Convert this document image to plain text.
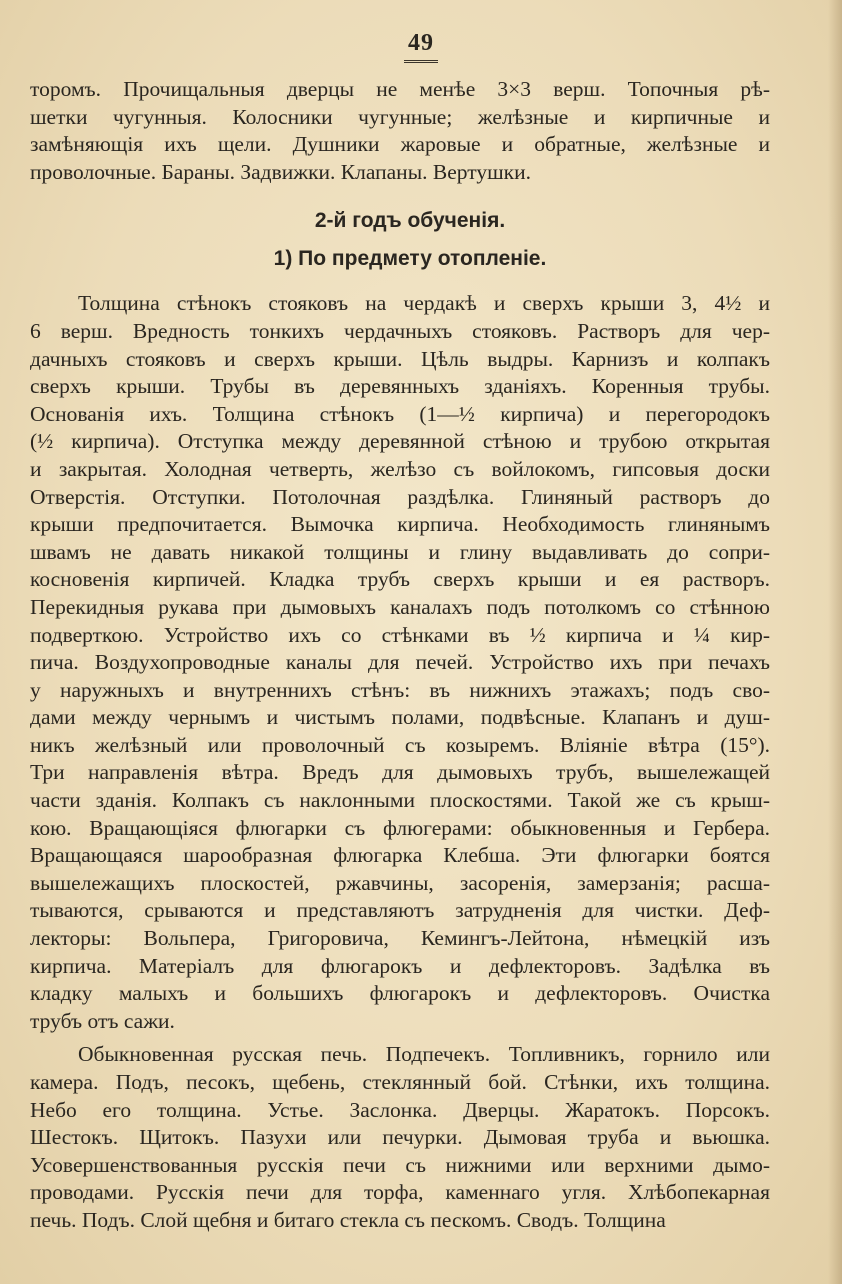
49
торомъ. Прочищальныя дверцы не менѣе 3×3 верш. Топочныя рѣ-
шетки чугунныя. Колосники чугунные; желѣзные и кирпичные и
замѣняющія ихъ щели. Душники жаровые и обратные, желѣзные и
проволочные. Бараны. Задвижки. Клапаны. Вертушки.
2-й годъ обученія.
1) По предмету отопленіе.
Толщина стѣнокъ стояковъ на чердакѣ и сверхъ крыши 3, 4½ и
6 верш. Вредность тонкихъ чердачныхъ стояковъ. Растворъ для чер-
дачныхъ стояковъ и сверхъ крыши. Цѣль выдры. Карнизъ и колпакъ
сверхъ крыши. Трубы въ деревянныхъ зданіяхъ. Коренныя трубы.
Основанія ихъ. Толщина стѣнокъ (1—½ кирпича) и перегородокъ
(½ кирпича). Отступка между деревянной стѣною и трубою открытая
и закрытая. Холодная четверть, желѣзо съ войлокомъ, гипсовыя доски
Отверстія. Отступки. Потолочная раздѣлка. Глиняный растворъ до
крыши предпочитается. Вымочка кирпича. Необходимость глинянымъ
швамъ не давать никакой толщины и глину выдавливать до сопри-
косновенія кирпичей. Кладка трубъ сверхъ крыши и ея растворъ.
Перекидныя рукава при дымовыхъ каналахъ подъ потолкомъ со стѣнною
подверткою. Устройство ихъ со стѣнками въ ½ кирпича и ¼ кир-
пича. Воздухопроводные каналы для печей. Устройство ихъ при печахъ
у наружныхъ и внутреннихъ стѣнъ: въ нижнихъ этажахъ; подъ сво-
дами между чернымъ и чистымъ полами, подвѣсные. Клапанъ и душ-
никъ желѣзный или проволочный съ козыремъ. Вліяніе вѣтра (15°).
Три направленія вѣтра. Вредъ для дымовыхъ трубъ, вышележащей
части зданія. Колпакъ съ наклонными плоскостями. Такой же съ крыш-
кою. Вращающіяся флюгарки съ флюгерами: обыкновенныя и Гербера.
Вращающаяся шарообразная флюгарка Клебша. Эти флюгарки боятся
вышележащихъ плоскостей, ржавчины, засоренія, замерзанія; расша-
тываются, срываются и представляютъ затрудненія для чистки. Деф-
лекторы: Вольпера, Григоровича, Кемингъ-Лейтона, нѣмецкій изъ
кирпича. Матеріалъ для флюгарокъ и дефлекторовъ. Задѣлка въ
кладку малыхъ и большихъ флюгарокъ и дефлекторовъ. Очистка
трубъ отъ сажи.
Обыкновенная русская печь. Подпечекъ. Топливникъ, горнило или
камера. Подъ, песокъ, щебень, стеклянный бой. Стѣнки, ихъ толщина.
Небо его толщина. Устье. Заслонка. Дверцы. Жаратокъ. Порсокъ.
Шестокъ. Щитокъ. Пазухи или печурки. Дымовая труба и вьюшка.
Усовершенствованныя русскія печи съ нижними или верхними дымо-
проводами. Русскія печи для торфа, каменнаго угля. Хлѣбопекарная
печь. Подъ. Слой щебня и битаго стекла съ пескомъ. Сводъ. Толщина
